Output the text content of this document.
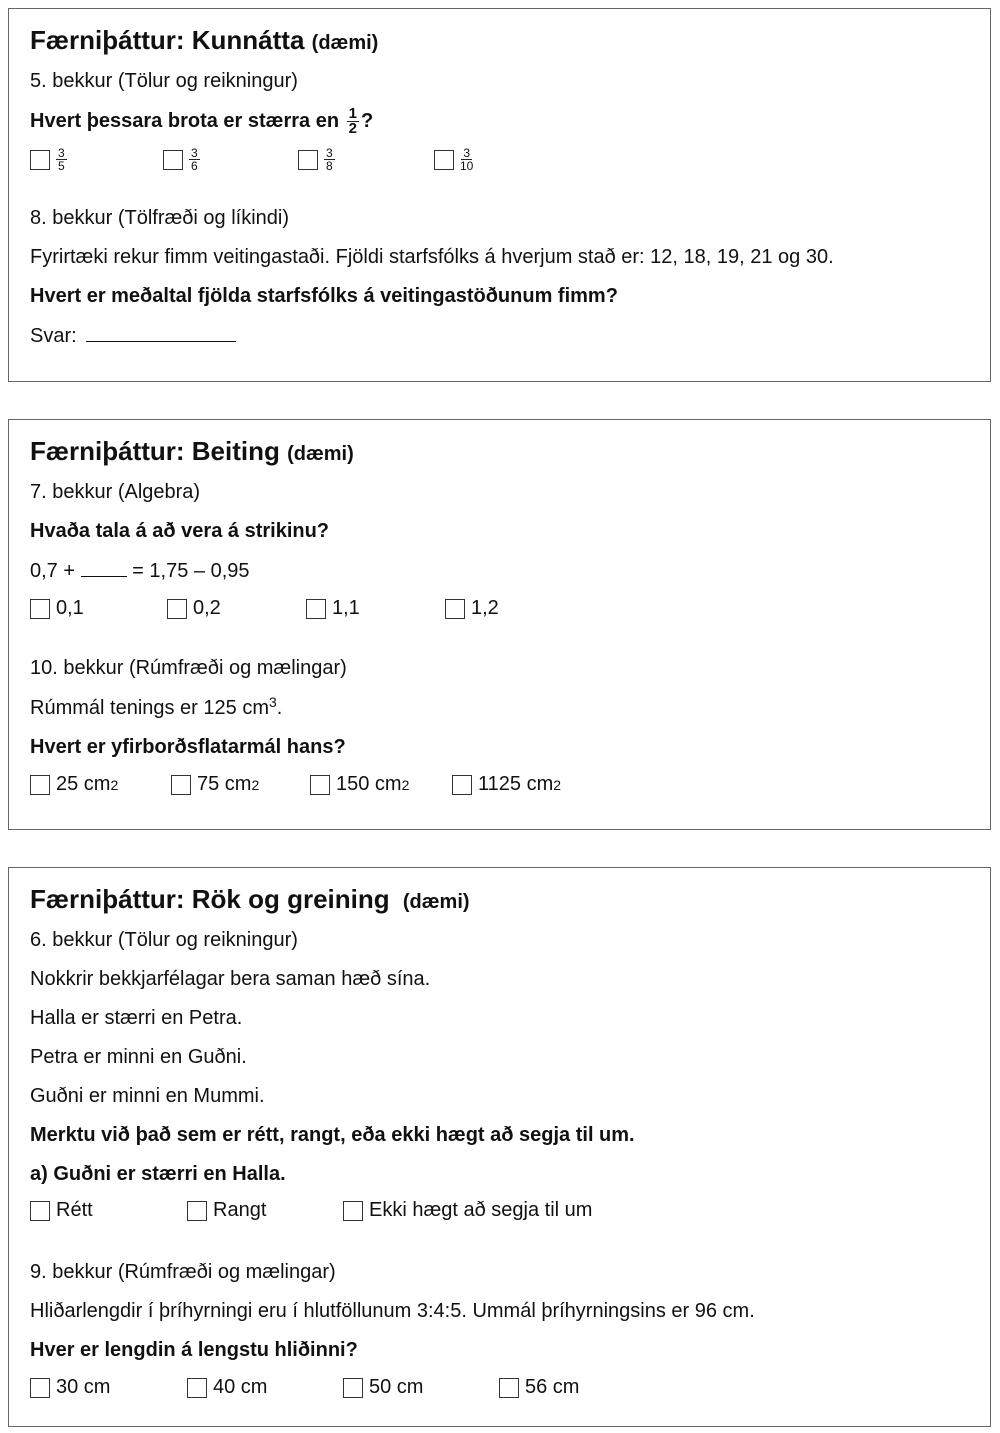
Færniþáttur: Kunnátta (dæmi)
5. bekkur (Tölur og reikningur)
Hvert þessara brota er stærra en $\frac{1}{2}$ ?
$\frac{3}{5}$	$\frac{3}{6}$	$\frac{3}{8}$	$\frac{3}{10}$
8. bekkur (Tölfræði og líkindi)
Fyrirtæki rekur fimm veitingastaði. Fjöldi starfsfólks á hverjum stað er: 12, 18, 19, 21 og 30.
Hvert er meðaltal fjölda starfsfólks á veitingastöðunum fimm?
Svar:
Færniþáttur: Beiting (dæmi)
7. bekkur (Algebra)
Hvaða tala á að vera á strikinu?
0,7 +  = 1,75 – 0,95
0,1	0,2	1,1	1,2
10. bekkur (Rúmfræði og mælingar)
Rúmmál tenings er 125 $cm^3$.
Hvert er yfirborðsflatarmál hans?
25 cm 2	75 cm 2	150 cm 2	1125 cm 2
Færniþáttur: Rök og greining (dæmi)
6. bekkur (Tölur og reikningur)
Nokkrir bekkjarfélagar bera saman hæð sína.
Halla er stærri en Petra.
Petra er minni en Guðni.
Guðni er minni en Mummi.
Merktu við það sem er rétt, rangt, eða ekki hægt að segja til um.
a) Guðni er stærri en Halla.
Rétt	Rangt	Ekki hægt að segja til um
9. bekkur (Rúmfræði og mælingar)
Hliðarlengdir í þríhyrningi eru í hlutföllunum 3:4:5. Ummál þríhyrningsins er 96 cm.
Hver er lengdin á lengstu hliðinni?
30 cm	40 cm	50 cm	56 cm
